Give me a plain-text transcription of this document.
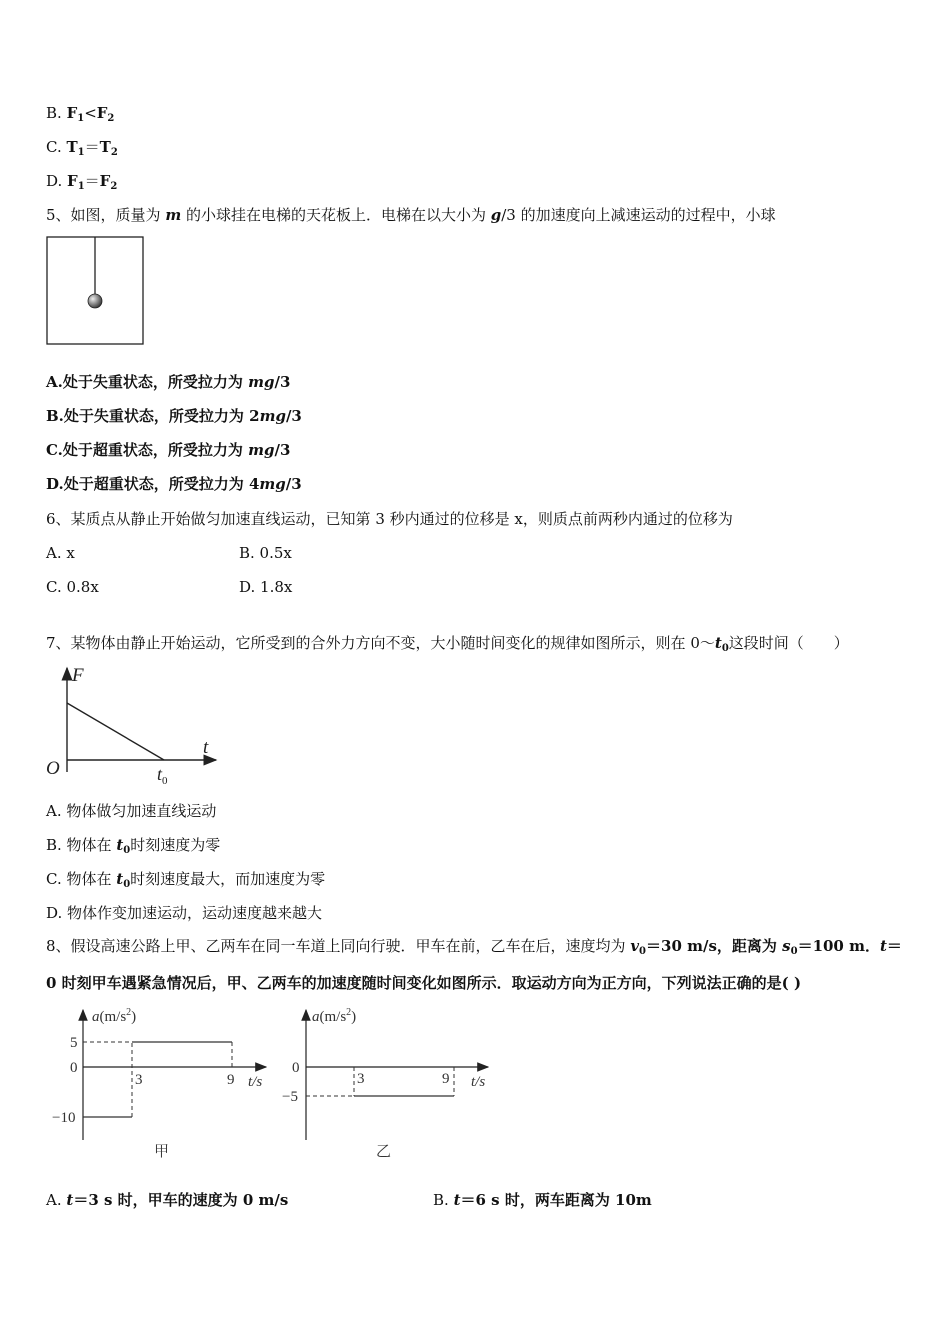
B. $F_1<F_2$
C. $T_1=T_2$
D. $F_1=F_2$
5、如图，质量为 m 的小球挂在电梯的天花板上．电梯在以大小为 g/3 的加速度向上减速运动的过程中，小球
A.处于失重状态，所受拉力为 mg/3
B.处于失重状态，所受拉力为 2mg/3
C.处于超重状态，所受拉力为 mg/3
D.处于超重状态，所受拉力为 4mg/3
6、某质点从静止开始做匀加速直线运动，已知第 3 秒内通过的位移是 x，则质点前两秒内通过的位移为
A. x	B. 0.5x
C. 0.8x	D. 1.8x
7、某物体由静止开始运动，它所受到的合外力方向不变，大小随时间变化的规律如图所示，则在 $0\sim t_0$这段时间（　　）
F
t
O	$t_0$
A. 物体做匀加速直线运动
B. 物体在 $t_0$时刻速度为零
C. 物体在 $t_0$时刻速度最大，而加速度为零
D. 物体作变加速运动，运动速度越来越大
8、假设高速公路上甲、乙两车在同一车道上同向行驶．甲车在前，乙车在后，速度均为 $v_0=30$ m/s，距离为 $s_0=100$ m．t＝
0 时刻甲车遇紧急情况后，甲、乙两车的加速度随时间变化如图所示．取运动方向为正方向，下列说法正确的是( )
$a(m/s^2)$
t/s
5
0
−10
3	9
甲
$a(m/s^2)$
t/s
0
−5
3	9
乙
A. t＝3 s 时，甲车的速度为 0 m/s	B. t＝6 s 时，两车距离为 10m
